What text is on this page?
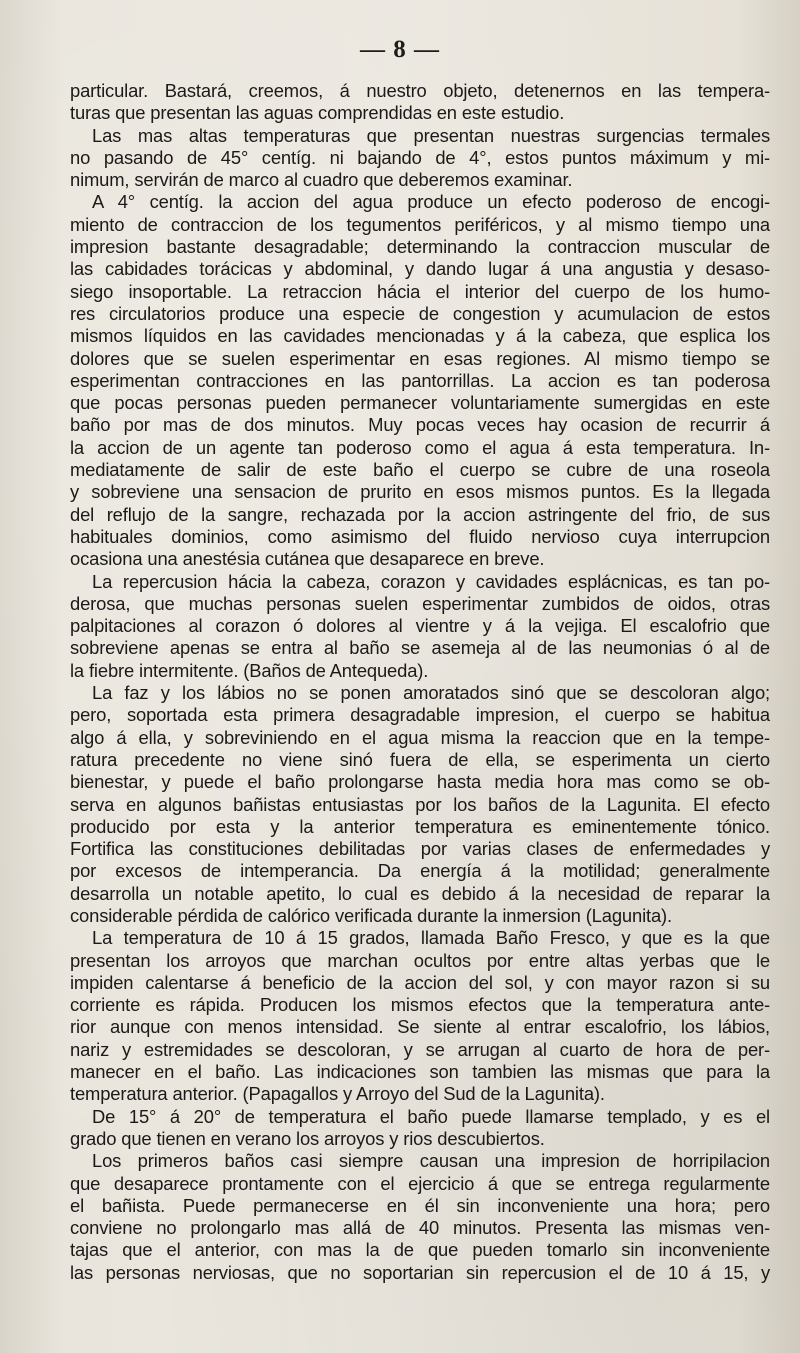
— 8 —
particular. Bastará, creemos, á nuestro objeto, detenernos en las tempera-
turas que presentan las aguas comprendidas en este estudio.
Las mas altas temperaturas que presentan nuestras surgencias termales
no pasando de 45° centíg. ni bajando de 4°, estos puntos máximum y mi-
nimum, servirán de marco al cuadro que deberemos examinar.
A 4° centíg. la accion del agua produce un efecto poderoso de encogi-
miento de contraccion de los tegumentos periféricos, y al mismo tiempo una
impresion bastante desagradable; determinando la contraccion muscular de
las cabidades torácicas y abdominal, y dando lugar á una angustia y desaso-
siego insoportable. La retraccion hácia el interior del cuerpo de los humo-
res circulatorios produce una especie de congestion y acumulacion de estos
mismos líquidos en las cavidades mencionadas y á la cabeza, que esplica los
dolores que se suelen esperimentar en esas regiones. Al mismo tiempo se
esperimentan contracciones en las pantorrillas. La accion es tan poderosa
que pocas personas pueden permanecer voluntariamente sumergidas en este
baño por mas de dos minutos. Muy pocas veces hay ocasion de recurrir á
la accion de un agente tan poderoso como el agua á esta temperatura. In-
mediatamente de salir de este baño el cuerpo se cubre de una roseola
y sobreviene una sensacion de prurito en esos mismos puntos. Es la llegada
del reflujo de la sangre, rechazada por la accion astringente del frio, de sus
habituales dominios, como asimismo del fluido nervioso cuya interrupcion
ocasiona una anestésia cutánea que desaparece en breve.
La repercusion hácia la cabeza, corazon y cavidades esplácnicas, es tan po-
derosa, que muchas personas suelen esperimentar zumbidos de oidos, otras
palpitaciones al corazon ó dolores al vientre y á la vejiga. El escalofrio que
sobreviene apenas se entra al baño se asemeja al de las neumonias ó al de
la fiebre intermitente. (Baños de Antequeda).
La faz y los lábios no se ponen amoratados sinó que se descoloran algo;
pero, soportada esta primera desagradable impresion, el cuerpo se habitua
algo á ella, y sobreviniendo en el agua misma la reaccion que en la tempe-
ratura precedente no viene sinó fuera de ella, se esperimenta un cierto
bienestar, y puede el baño prolongarse hasta media hora mas como se ob-
serva en algunos bañistas entusiastas por los baños de la Lagunita. El efecto
producido por esta y la anterior temperatura es eminentemente tónico.
Fortifica las constituciones debilitadas por varias clases de enfermedades y
por excesos de intemperancia. Da energía á la motilidad; generalmente
desarrolla un notable apetito, lo cual es debido á la necesidad de reparar la
considerable pérdida de calórico verificada durante la inmersion (Lagunita).
La temperatura de 10 á 15 grados, llamada Baño Fresco, y que es la que
presentan los arroyos que marchan ocultos por entre altas yerbas que le
impiden calentarse á beneficio de la accion del sol, y con mayor razon si su
corriente es rápida. Producen los mismos efectos que la temperatura ante-
rior aunque con menos intensidad. Se siente al entrar escalofrio, los lábios,
nariz y estremidades se descoloran, y se arrugan al cuarto de hora de per-
manecer en el baño. Las indicaciones son tambien las mismas que para la
temperatura anterior. (Papagallos y Arroyo del Sud de la Lagunita).
De 15° á 20° de temperatura el baño puede llamarse templado, y es el
grado que tienen en verano los arroyos y rios descubiertos.
Los primeros baños casi siempre causan una impresion de horripilacion
que desaparece prontamente con el ejercicio á que se entrega regularmente
el bañista. Puede permanecerse en él sin inconveniente una hora; pero
conviene no prolongarlo mas allá de 40 minutos. Presenta las mismas ven-
tajas que el anterior, con mas la de que pueden tomarlo sin inconveniente
las personas nerviosas, que no soportarian sin repercusion el de 10 á 15, y
